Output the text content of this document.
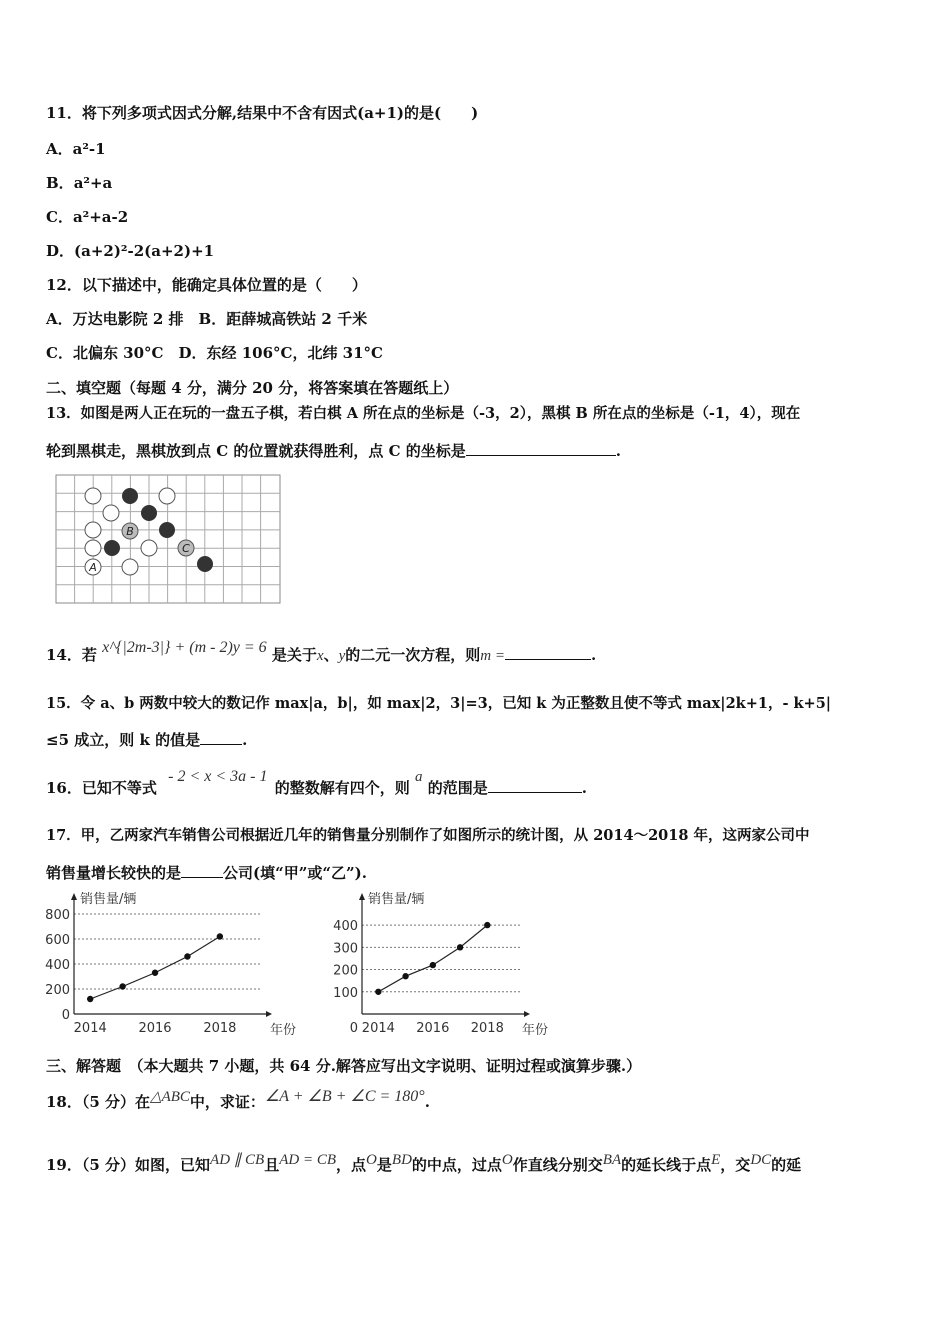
11．将下列多项式因式分解,结果中不含有因式(a+1)的是(　　)
A．a²-1
B．a²+a
C．a²+a-2
D．(a+2)²-2(a+2)+1
12．以下描述中，能确定具体位置的是（　　）
A．万达电影院 2 排　B．距薛城高铁站 2 千米
C．北偏东 30°C　D．东经 106°C，北纬 31°C
二、填空题（每题 4 分，满分 20 分，将答案填在答题纸上）
13．如图是两人正在玩的一盘五子棋，若白棋 A 所在点的坐标是（-3，2），黑棋 B 所在点的坐标是（-1，4），现在
轮到黑棋走，黑棋放到点 C 的位置就获得胜利，点 C 的坐标是	.
B
C
A
14．若 x^{|2m-3|} + (m - 2)y = 6 是关于x、y的二元一次方程，则m =	.
15．令 a、b 两数中较大的数记作 max|a，b|，如 max|2，3|=3，已知 k 为正整数且使不等式 max|2k+1，- k+5|
≤5 成立，则 k 的值是	.
16．已知不等式 - 2 < x < 3a - 1 的整数解有四个，则 a 的范围是	.
17．甲，乙两家汽车销售公司根据近几年的销售量分别制作了如图所示的统计图，从 2014～2018 年，这两家公司中
销售量增长较快的是	公司(填“甲”或“乙”).
销售量/辆
年份
0
200
400
600
800
2014 2016 2018
销售量/辆
年份
100
200
300
400
0 2014 2016 2018
三、解答题　（本大题共 7 小题，共 64 分.解答应写出文字说明、证明过程或演算步骤.）
18．（5 分）在△ABC中，求证：∠A + ∠B + ∠C = 180°.
19．（5 分）如图，已知AD ∥ CB且AD = CB，点O是BD的中点，过点O作直线分别交BA的延长线于点E，交DC的延
